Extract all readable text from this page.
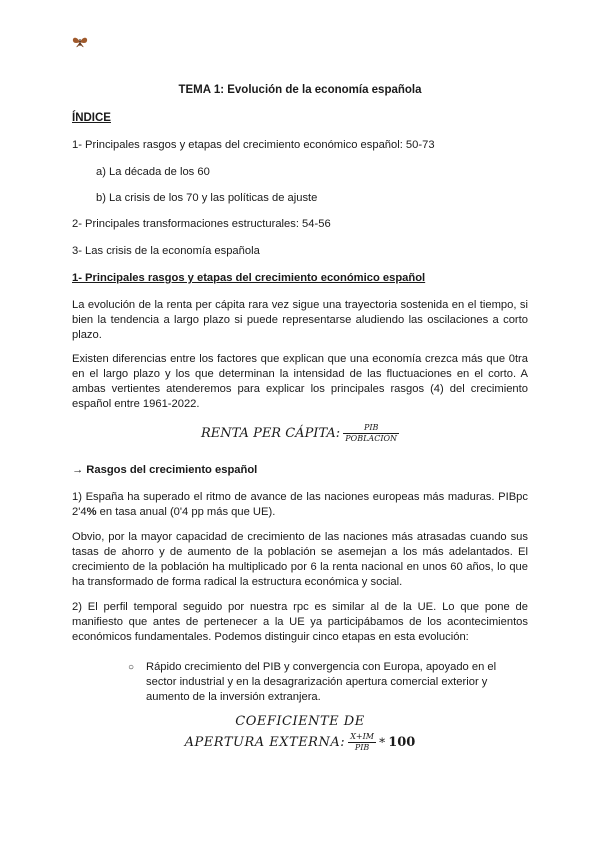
TEMA 1: Evolución de la economía española
ÍNDICE
1- Principales rasgos y etapas del crecimiento económico español: 50-73
a) La década de los 60
b) La crisis de los 70 y las políticas de ajuste
2- Principales transformaciones estructurales: 54-56
3- Las crisis de la economía española
1- Principales rasgos y etapas del crecimiento económico español
La evolución de la renta per cápita rara vez sigue una trayectoria sostenida en el tiempo, si bien la tendencia a largo plazo si puede representarse aludiendo las oscilaciones a corto plazo.
Existen diferencias entre los factores que explican que una economía crezca más que 0tra en el largo plazo y los que determinan la intensidad de las fluctuaciones en el corto. A ambas vertientes atenderemos para explicar los principales rasgos (4) del crecimiento español entre 1961-2022.
RENTA PER CÁPITA: $\frac{\text{PIB}}{\text{POBLACIÓN}}$
→ Rasgos del crecimiento español
1) España ha superado el ritmo de avance de las naciones europeas más maduras. PIBpc 2'4% en tasa anual (0'4 pp más que UE).
Obvio, por la mayor capacidad de crecimiento de las naciones más atrasadas cuando sus tasas de ahorro y de aumento de la población se asemejan a los más adelantados. El crecimiento de la población ha multiplicado por 6 la renta nacional en unos 60 años, lo que ha transformado de forma radical la estructura económica y social.
2) El perfil temporal seguido por nuestra rpc es similar al de la UE. Lo que pone de manifiesto que antes de pertenecer a la UE ya participábamos de los acontecimientos económicos fundamentales. Podemos distinguir cinco etapas en esta evolución:
○ Rápido crecimiento del PIB y convergencia con Europa, apoyado en el sector industrial y en la desagrarización apertura comercial exterior y aumento de la inversión extranjera.
COEFICIENTE DE
APERTURA EXTERNA: $\frac{X+IM}{\text{PIB}} * 100$
